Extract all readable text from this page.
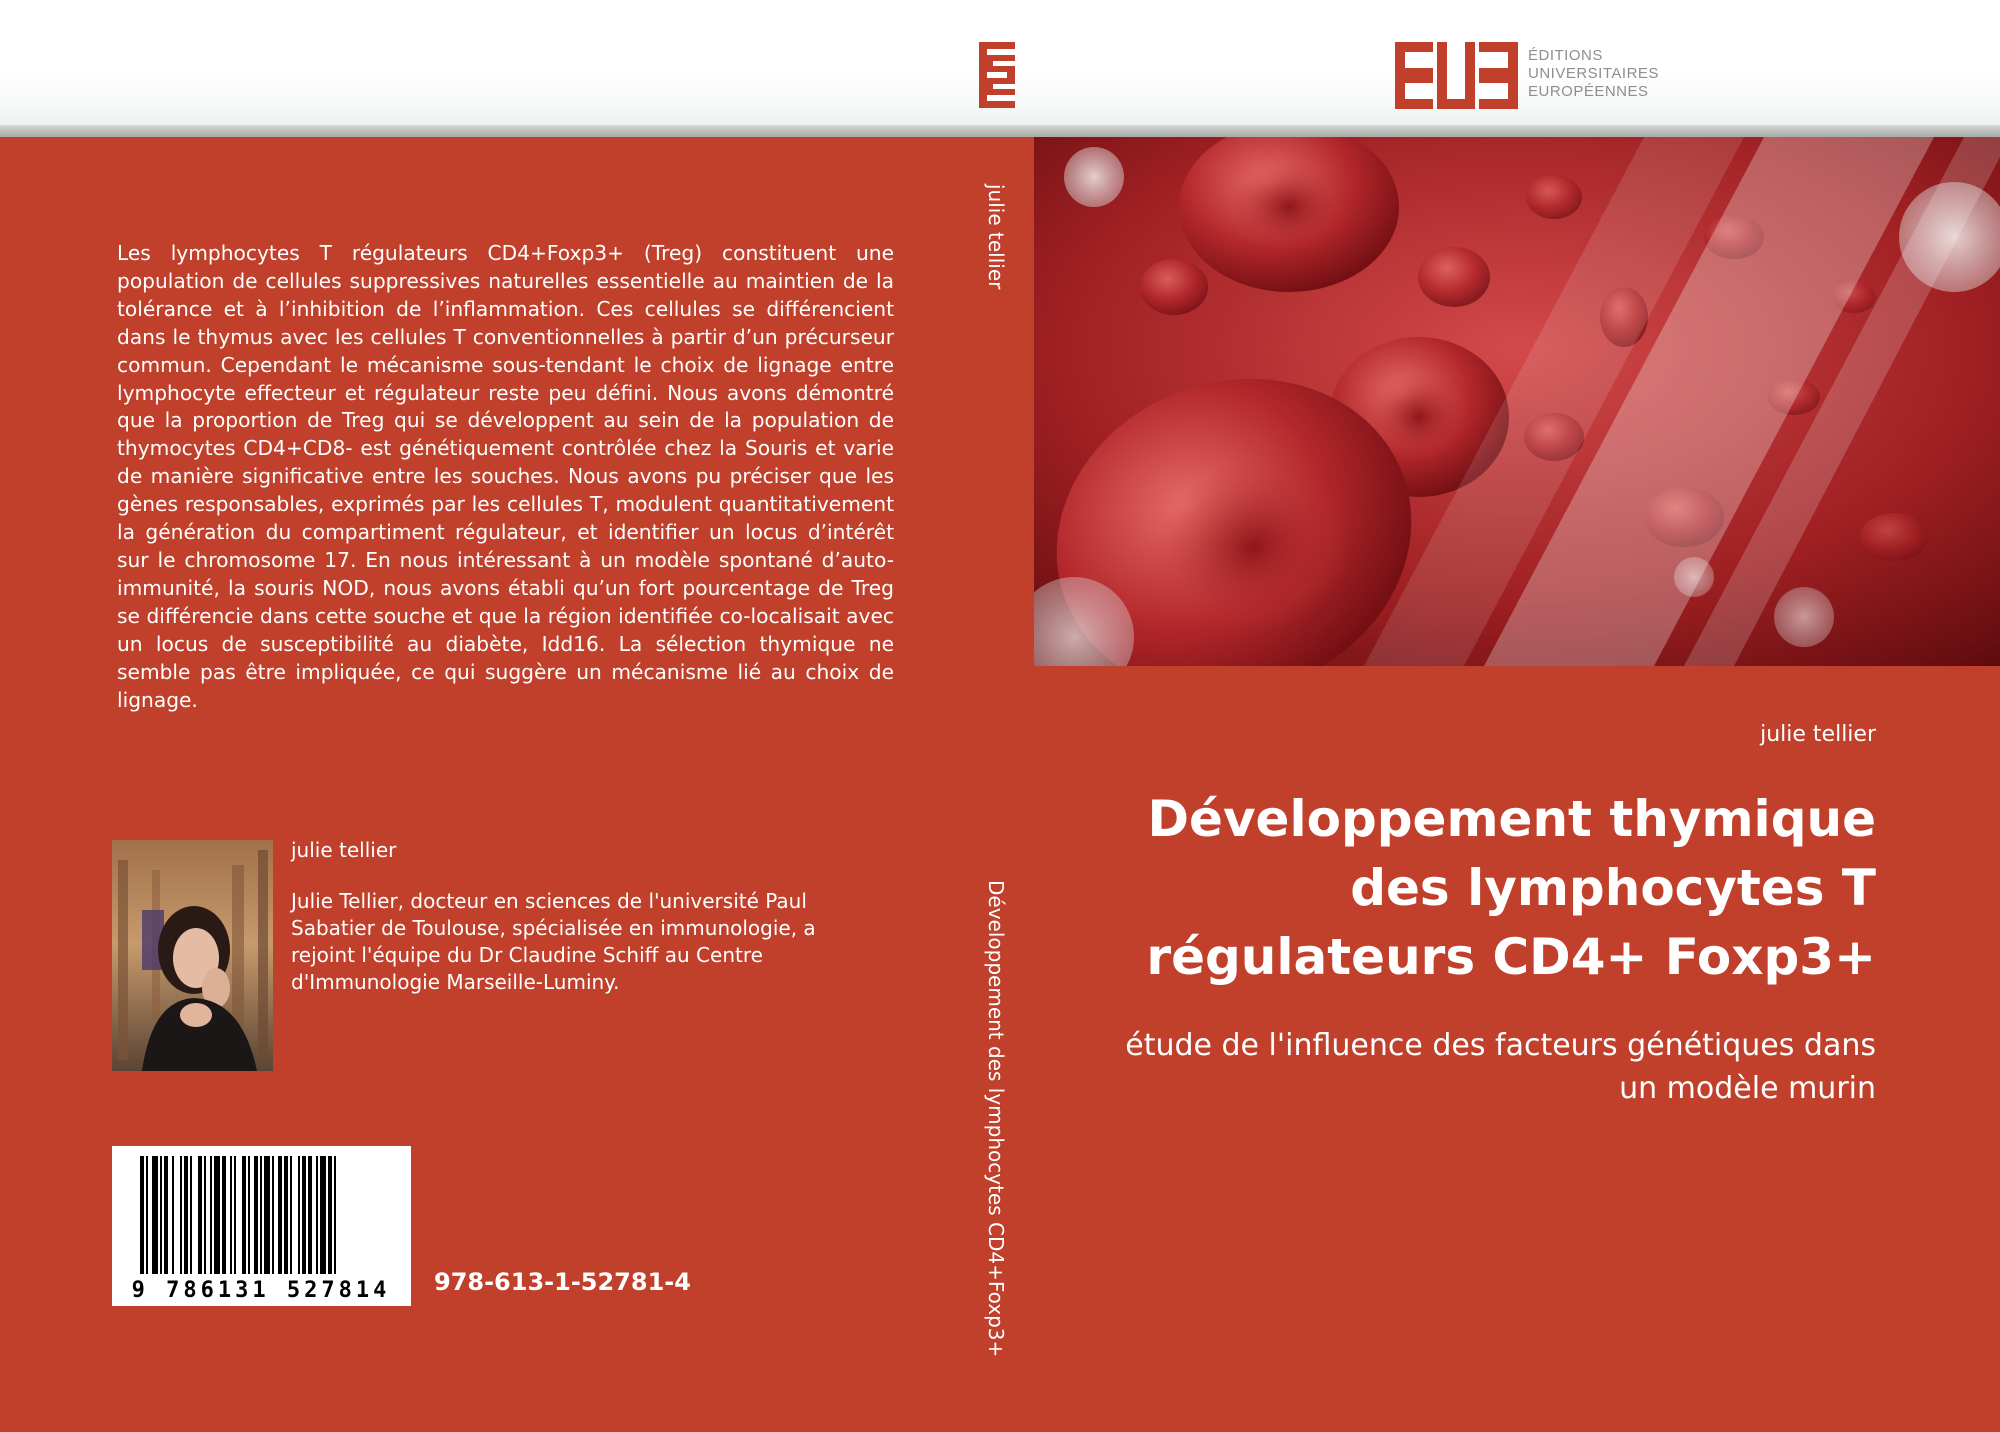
ÉDITIONS
UNIVERSITAIRES
EUROPÉENNES
Les lymphocytes T régulateurs CD4+Foxp3+ (Treg) constituent une population de cellules suppressives naturelles essentielle au maintien de la tolérance et à l’inhibition de l’inflammation. Ces cellules se différencient dans le thymus avec les cellules T conventionnelles à partir d’un précurseur commun. Cependant le mécanisme sous-tendant le choix de lignage entre lymphocyte effecteur et régulateur reste peu défini. Nous avons démontré que la proportion de Treg qui se développent au sein de la population de thymocytes CD4+CD8- est génétiquement contrôlée chez la Souris et varie de manière significative entre les souches. Nous avons pu préciser que les gènes responsables, exprimés par les cellules T, modulent quantitativement la génération du compartiment régulateur, et identifier un locus d’intérêt sur le chromosome 17. En nous intéressant à un modèle spontané d’auto-immunité, la souris NOD, nous avons établi qu’un fort pourcentage de Treg se différencie dans cette souche et que la région identifiée co-localisait avec un locus de susceptibilité au diabète, Idd16. La sélection thymique ne semble pas être impliquée, ce qui suggère un mécanisme lié au choix de lignage.
julie tellier
Julie Tellier, docteur en sciences de l'université Paul Sabatier de Toulouse, spécialisée en immunologie, a rejoint l'équipe du Dr Claudine Schiff au Centre d'Immunologie Marseille-Luminy.
9 786131 527814 978-613-1-52781-4
julie tellier
Développement des lymphocytes CD4+Foxp3+
julie tellier
Développement thymique
des lymphocytes T
régulateurs CD4+ Foxp3+
étude de l'influence des facteurs génétiques dans
un modèle murin
